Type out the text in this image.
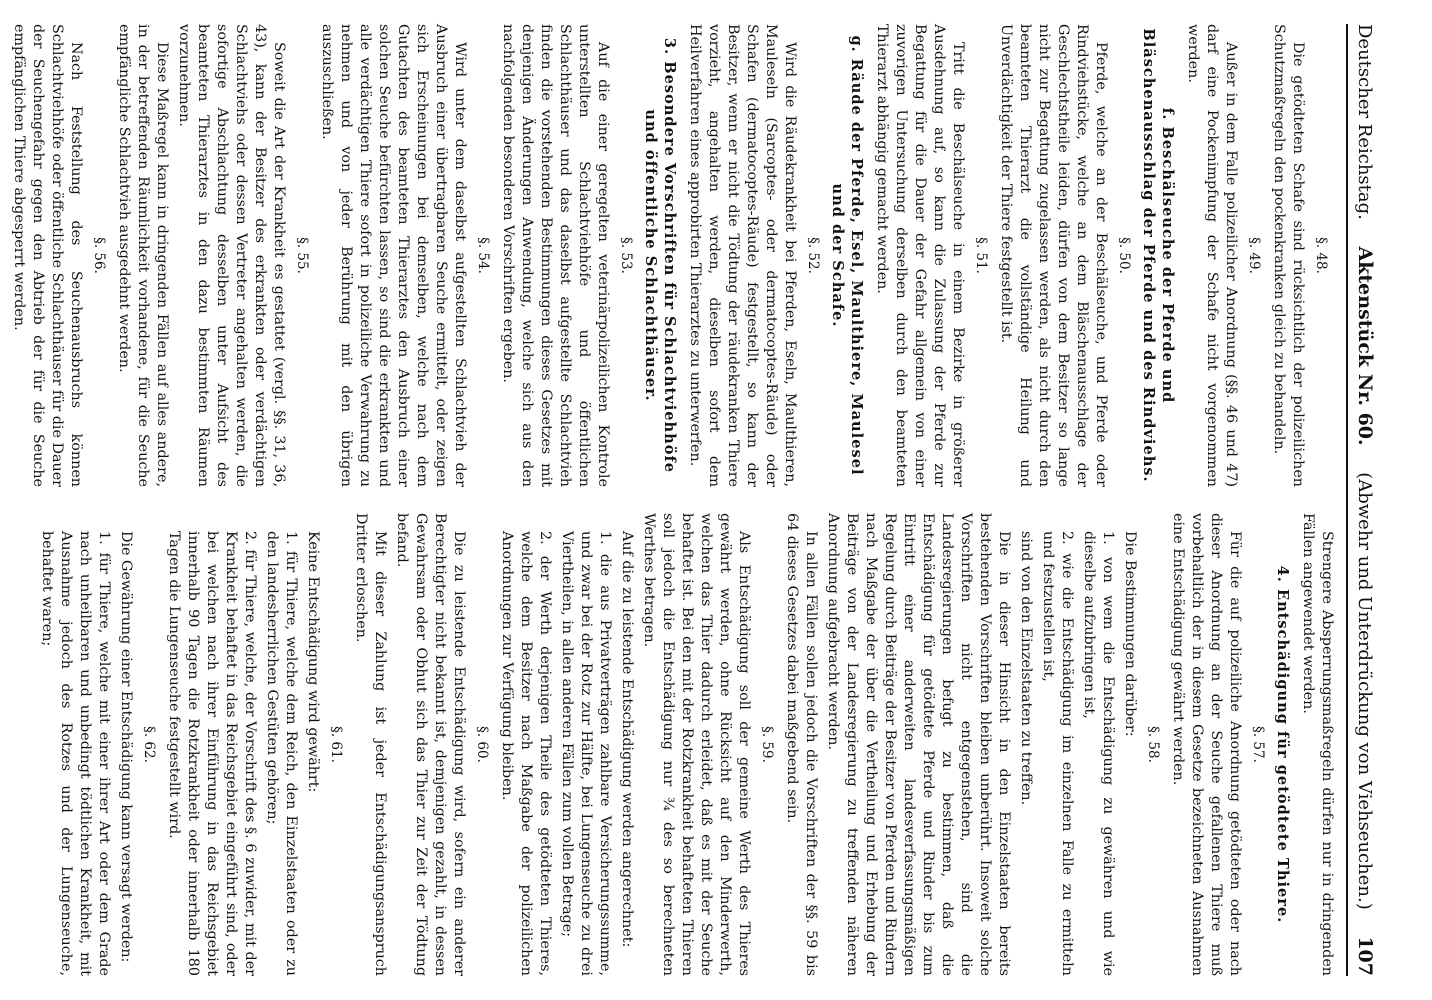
Deutscher Reichstag.
Aktenstück Nr. 60.
(Abwehr und Unterdrückung von Viehseuchen.)
107
§. 48.

Die getödteten Schafe sind rücksichtlich der polizeilichen Schutzmaßregeln den pockenkranken gleich zu behandeln.

§. 49.

Außer in dem Falle polizeilicher Anordnung (§§. 46 und 47) darf eine Pockenimpfung der Schafe nicht vorgenommen werden.

f. Beschälseuche der Pferde und Bläschenausschlag der Pferde und des Rindviehs.
§. 50.

Pferde, welche an der Beschälseuche, und Pferde oder Rindviehstücke, welche an dem Bläschenausschlage der Geschlechtstheile leiden, dürfen von dem Besitzer so lange nicht zur Begattung zugelassen werden, als nicht durch den beamteten Thierarzt die vollständige Heilung und Unverdächtigkeit der Thiere festgestellt ist.

§. 51.

Tritt die Beschälseuche in einem Bezirke in größerer Ausdehnung auf, so kann die Zulassung der Pferde zur Begattung für die Dauer der Gefahr allgemein von einer zuvorigen Untersuchung derselben durch den beamteten Thierarzt abhängig gemacht werden.

g. Räude der Pferde, Esel, Maulthiere, Maulesel und der Schafe.
§. 52.

Wird die Räudekrankheit bei Pferden, Eseln, Maulthieren, Mauleseln (Sarcoptes- oder dermatocoptes-Räude) oder Schafen (dermatocoptes-Räude) festgestellt, so kann der Besitzer, wenn er nicht die Tödtung der räudekranken Thiere vorzieht, angehalten werden, dieselben sofort dem Heilverfahren eines approbirten Thierarztes zu unterwerfen.

3. Besondere Vorschriften für Schlachtviehhöfe und öffentliche Schlachthäuser.
§. 53.

Auf die einer geregelten veterinärpolizeilichen Kontrole unterstellten Schlachtviehhöfe und öffentlichen Schlachthäuser und das daselbst aufgestellte Schlachtvieh finden die vorstehenden Bestimmungen dieses Gesetzes mit denjenigen Änderungen Anwendung, welche sich aus den nachfolgenden besonderen Vorschriften ergeben.

§. 54.

Wird unter dem daselbst aufgestellten Schlachtvieh der Ausbruch einer übertragbaren Seuche ermittelt, oder zeigen sich Erscheinungen bei demselben, welche nach dem Gutachten des beamteten Thierarztes den Ausbruch einer solchen Seuche befürchten lassen, so sind die erkrankten und alle verdächtigen Thiere sofort in polizeiliche Verwahrung zu nehmen und von jeder Berührung mit den übrigen auszuschließen.

§. 55.

Soweit die Art der Krankheit es gestattet (vergl. §§. 31, 36, 43), kann der Besitzer des erkrankten oder verdächtigen Schlachtviehs oder dessen Vertreter angehalten werden, die sofortige Abschlachtung desselben unter Aufsicht des beamteten Thierarztes in den dazu bestimmten Räumen vorzunehmen.

Diese Maßregel kann in dringenden Fällen auf alles andere, in der betreffenden Räumlichkeit vorhandene, für die Seuche empfängliche Schlachtvieh ausgedehnt werden.

§. 56.

Nach Feststellung des Seuchenausbruchs können Schlachtviehhöfe oder öffentliche Schlachthäuser für die Dauer der Seuchengefahr gegen den Abtrieb der für die Seuche empfänglichen Thiere abgesperrt werden.

Strengere Absperrungsmaßregeln dürfen nur in dringenden Fällen angewendet werden.

4. Entschädigung für getödtete Thiere.
§. 57.

Für die auf polizeiliche Anordnung getödteten oder nach dieser Anordnung an der Seuche gefallenen Thiere muß vorbehaltlich der in diesem Gesetze bezeichneten Ausnahmen eine Entschädigung gewährt werden.

§. 58.

Die Bestimmungen darüber:

1. von wem die Entschädigung zu gewähren und wie dieselbe aufzubringen ist,

2. wie die Entschädigung im einzelnen Falle zu ermitteln und festzustellen ist,

sind von den Einzelstaaten zu treffen.

Die in dieser Hinsicht in den Einzelstaaten bereits bestehenden Vorschriften bleiben unberührt. Insoweit solche Vorschriften nicht entgegenstehen, sind die Landesregierungen befugt zu bestimmen, daß die Entschädigung für getödtete Pferde und Rinder bis zum Eintritt einer anderweiten landesverfassungsmäßigen Regelung durch Beiträge der Besitzer von Pferden und Rindern nach Maßgabe der über die Vertheilung und Erhebung der Beiträge von der Landesregierung zu treffenden näheren Anordnung aufgebracht werden.

In allen Fällen sollen jedoch die Vorschriften der §§. 59 bis 64 dieses Gesetzes dabei maßgebend sein.

§. 59.

Als Entschädigung soll der gemeine Werth des Thieres gewährt werden, ohne Rücksicht auf den Minderwerth, welchen das Thier dadurch erleidet, daß es mit der Seuche behaftet ist. Bei den mit der Rotzkrankheit behafteten Thieren soll jedoch die Entschädigung nur ¾ des so berechneten Werthes betragen.

Auf die zu leistende Entschädigung werden angerechnet:

1. die aus Privatverträgen zahlbare Versicherungssumme, und zwar bei der Rotz zur Hälfte, bei Lungenseuche zu drei Viertheilen, in allen anderen Fällen zum vollen Betrage;

2. der Werth derjenigen Theile des getödteten Thieres, welche dem Besitzer nach Maßgabe der polizeilichen Anordnungen zur Verfügung bleiben.

§. 60.

Die zu leistende Entschädigung wird, sofern ein anderer Berechtigter nicht bekannt ist, demjenigen gezahlt, in dessen Gewahrsam oder Obhut sich das Thier zur Zeit der Tödtung befand.

Mit dieser Zahlung ist jeder Entschädigungsanspruch Dritter erloschen.

§. 61.

Keine Entschädigung wird gewährt:

1. für Thiere, welche dem Reich, den Einzelstaaten oder zu den landesherrlichen Gestüten gehören;

2. für Thiere, welche, der Vorschrift des §. 6 zuwider, mit der Krankheit behaftet in das Reichsgebiet eingeführt sind, oder bei welchen nach ihrer Einführung in das Reichsgebiet innerhalb 90 Tagen die Rotzkrankheit oder innerhalb 180 Tagen die Lungenseuche festgestellt wird.

§. 62.

Die Gewährung einer Entschädigung kann versagt werden:

1. für Thiere, welche mit einer ihrer Art oder dem Grade nach unheilbaren und unbedingt tödtlichen Krankheit, mit Ausnahme jedoch des Rotzes und der Lungenseuche, behaftet waren;
